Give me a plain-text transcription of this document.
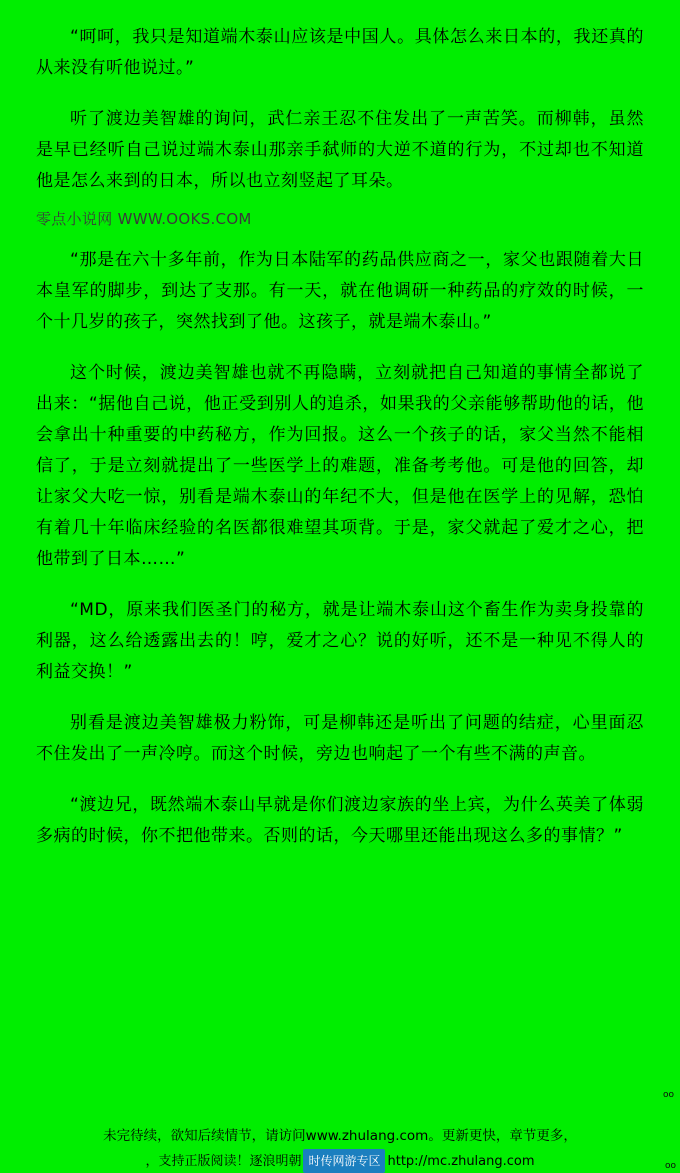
“呵呵，我只是知道端木泰山应该是中国人。具体怎么来日本的，我还真的从来没有听他说过。”

听了渡边美智雄的询问，武仁亲王忍不住发出了一声苦笑。而柳韩，虽然是早已经听自己说过端木泰山那亲手弑师的大逆不道的行为，不过却也不知道他是怎么来到的日本，所以也立刻竖起了耳朵。

零点小说网 WWW.OOKS.COM

“那是在六十多年前，作为日本陆军的药品供应商之一，家父也跟随着大日本皇军的脚步，到达了支那。有一天，就在他调研一种药品的疗效的时候，一个十几岁的孩子，突然找到了他。这孩子，就是端木泰山。”

这个时候，渡边美智雄也就不再隐瞒，立刻就把自己知道的事情全都说了出来：“据他自己说，他正受到别人的追杀，如果我的父亲能够帮助他的话，他会拿出十种重要的中药秘方，作为回报。这么一个孩子的话，家父当然不能相信了，于是立刻就提出了一些医学上的难题，准备考考他。可是他的回答，却让家父大吃一惊，别看是端木泰山的年纪不大，但是他在医学上的见解，恐怕有着几十年临床经验的名医都很难望其项背。于是，家父就起了爱才之心，把他带到了日本……”

“MD，原来我们医圣门的秘方，就是让端木泰山这个畜生作为卖身投靠的利器，这么给透露出去的！哼，爱才之心？说的好听，还不是一种见不得人的利益交换！”

别看是渡边美智雄极力粉饰，可是柳韩还是听出了问题的结症，心里面忍不住发出了一声冷哼。而这个时候，旁边也响起了一个有些不满的声音。

“渡边兄，既然端木泰山早就是你们渡边家族的坐上宾，为什么英美了体弱多病的时候，你不把他带来。否则的话，今天哪里还能出现这么多的事情？”

oo
未完待续，欲知后续情节，请访问www.zhulang.com。更新更快，章节更多，
，支持正版阅读！逐浪明朝 时传网游专区 http://mc.zhulang.com	oo
